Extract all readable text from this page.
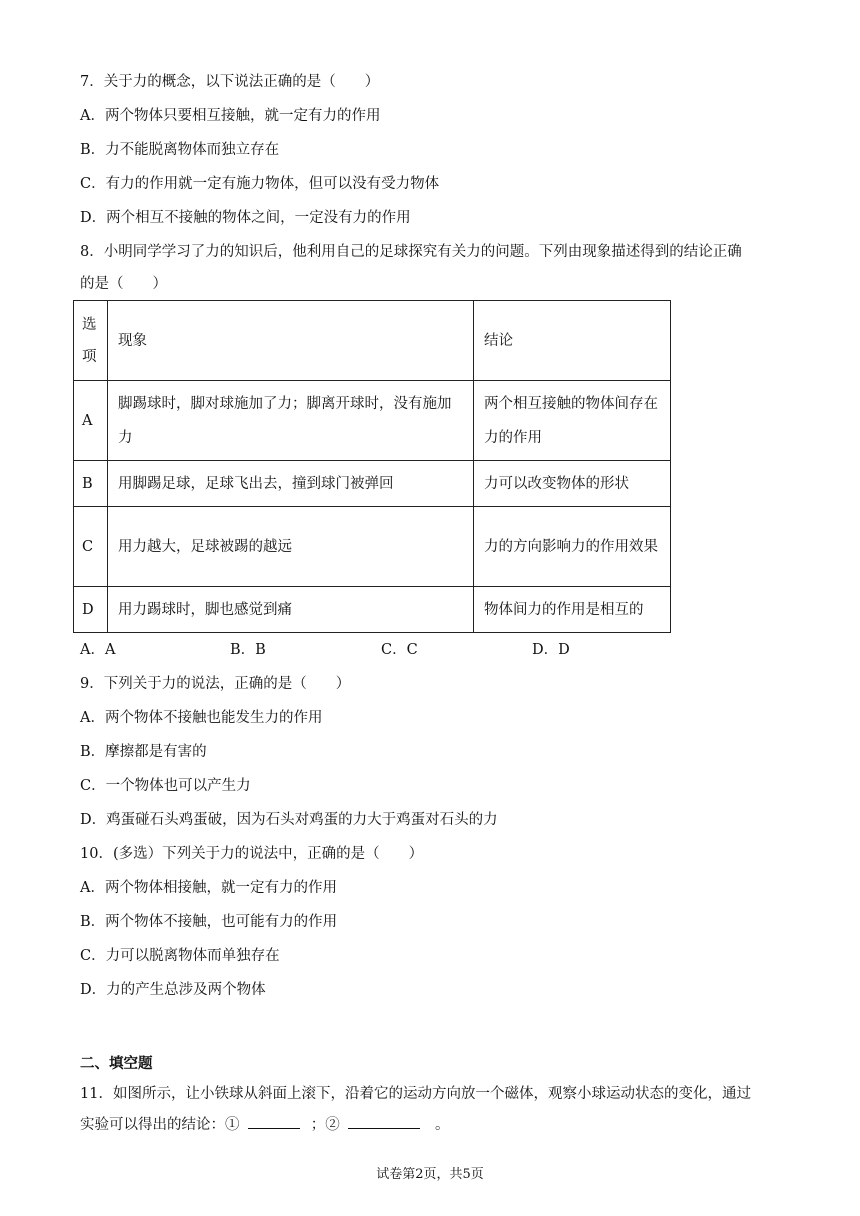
7．关于力的概念，以下说法正确的是（　　）
A．两个物体只要相互接触，就一定有力的作用
B．力不能脱离物体而独立存在
C．有力的作用就一定有施力物体，但可以没有受力物体
D．两个相互不接触的物体之间，一定没有力的作用
8．小明同学学习了力的知识后，他利用自己的足球探究有关力的问题。下列由现象描述得到的结论正确
的是（　　）
选项	现象	结论
A	脚踢球时，脚对球施加了力；脚离开球时，没有施加力	两个相互接触的物体间存在力的作用
B	用脚踢足球，足球飞出去，撞到球门被弹回	力可以改变物体的形状
C	用力越大，足球被踢的越远	力的方向影响力的作用效果
D	用力踢球时，脚也感觉到痛	物体间力的作用是相互的
A．A	B．B	C．C	D．D
9．下列关于力的说法，正确的是（　　）
A．两个物体不接触也能发生力的作用
B．摩擦都是有害的
C．一个物体也可以产生力
D．鸡蛋碰石头鸡蛋破，因为石头对鸡蛋的力大于鸡蛋对石头的力
10．(多选）下列关于力的说法中，正确的是（　　）
A．两个物体相接触，就一定有力的作用
B．两个物体不接触，也可能有力的作用
C．力可以脱离物体而单独存在
D．力的产生总涉及两个物体
二、填空题
11．如图所示，让小铁球从斜面上滚下，沿着它的运动方向放一个磁体，观察小球运动状态的变化，通过
实验可以得出的结论：①	；②	。
试卷第2页，共5页
